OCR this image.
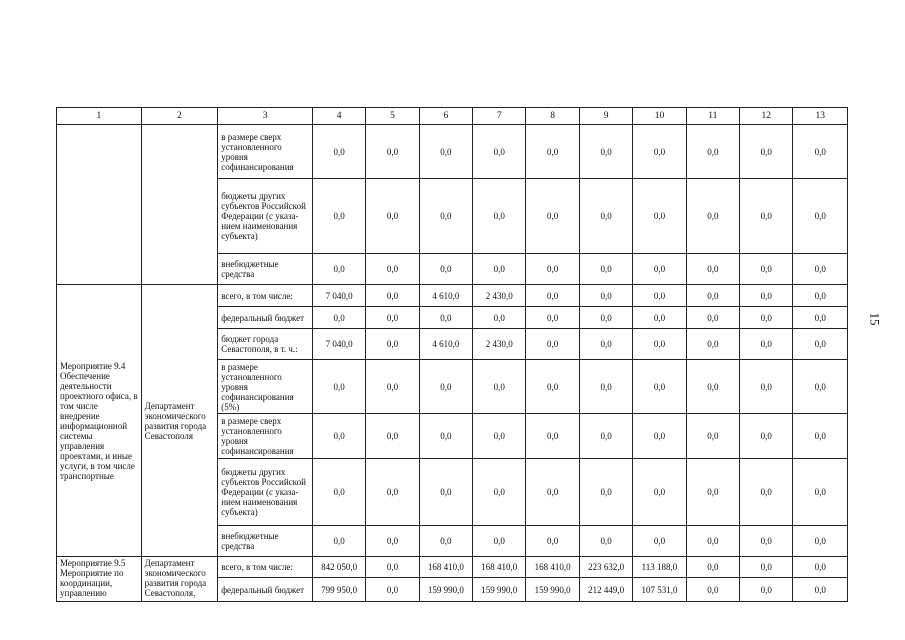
15
1	2	3	4	5	6	7	8	9	10	11	12	13
		в размере сверх установленного уровня софинансирования	0,0	0,0	0,0	0,0	0,0	0,0	0,0	0,0	0,0	0,0
		бюджеты других субъектов Российской Федерации (с указа-нием наименования субъекта)	0,0	0,0	0,0	0,0	0,0	0,0	0,0	0,0	0,0	0,0
		внебюджетные средства	0,0	0,0	0,0	0,0	0,0	0,0	0,0	0,0	0,0	0,0
Мероприятие 9.4 Обеспечение деятельности проектного офиса, в том числе внедрение информационной системы управления проектами, и иные услуги, в том числе транспортные	Департамент экономического развития города Севастополя	всего, в том числе:	7 040,0	0,0	4 610,0	2 430,0	0,0	0,0	0,0	0,0	0,0	0,0
		федеральный бюджет	0,0	0,0	0,0	0,0	0,0	0,0	0,0	0,0	0,0	0,0
		бюджет города Севастополя, в т. ч.:	7 040,0	0,0	4 610,0	2 430,0	0,0	0,0	0,0	0,0	0,0	0,0
		в размере установленного уровня софинансирования (5%)	0,0	0,0	0,0	0,0	0,0	0,0	0,0	0,0	0,0	0,0
		в размере сверх установленного уровня софинансирования	0,0	0,0	0,0	0,0	0,0	0,0	0,0	0,0	0,0	0,0
		бюджеты других субъектов Российской Федерации (с указа-нием наименования субъекта)	0,0	0,0	0,0	0,0	0,0	0,0	0,0	0,0	0,0	0,0
		внебюджетные средства	0,0	0,0	0,0	0,0	0,0	0,0	0,0	0,0	0,0	0,0
Мероприятие 9.5 Мероприятие по координации, управлению	Департамент экономического развития города Севастополя,	всего, в том числе:	842 050,0	0,0	168 410,0	168 410,0	168 410,0	223 632,0	113 188,0	0,0	0,0	0,0
		федеральный бюджет	799 950,0	0,0	159 990,0	159 990,0	159 990,0	212 449,0	107 531,0	0,0	0,0	0,0
